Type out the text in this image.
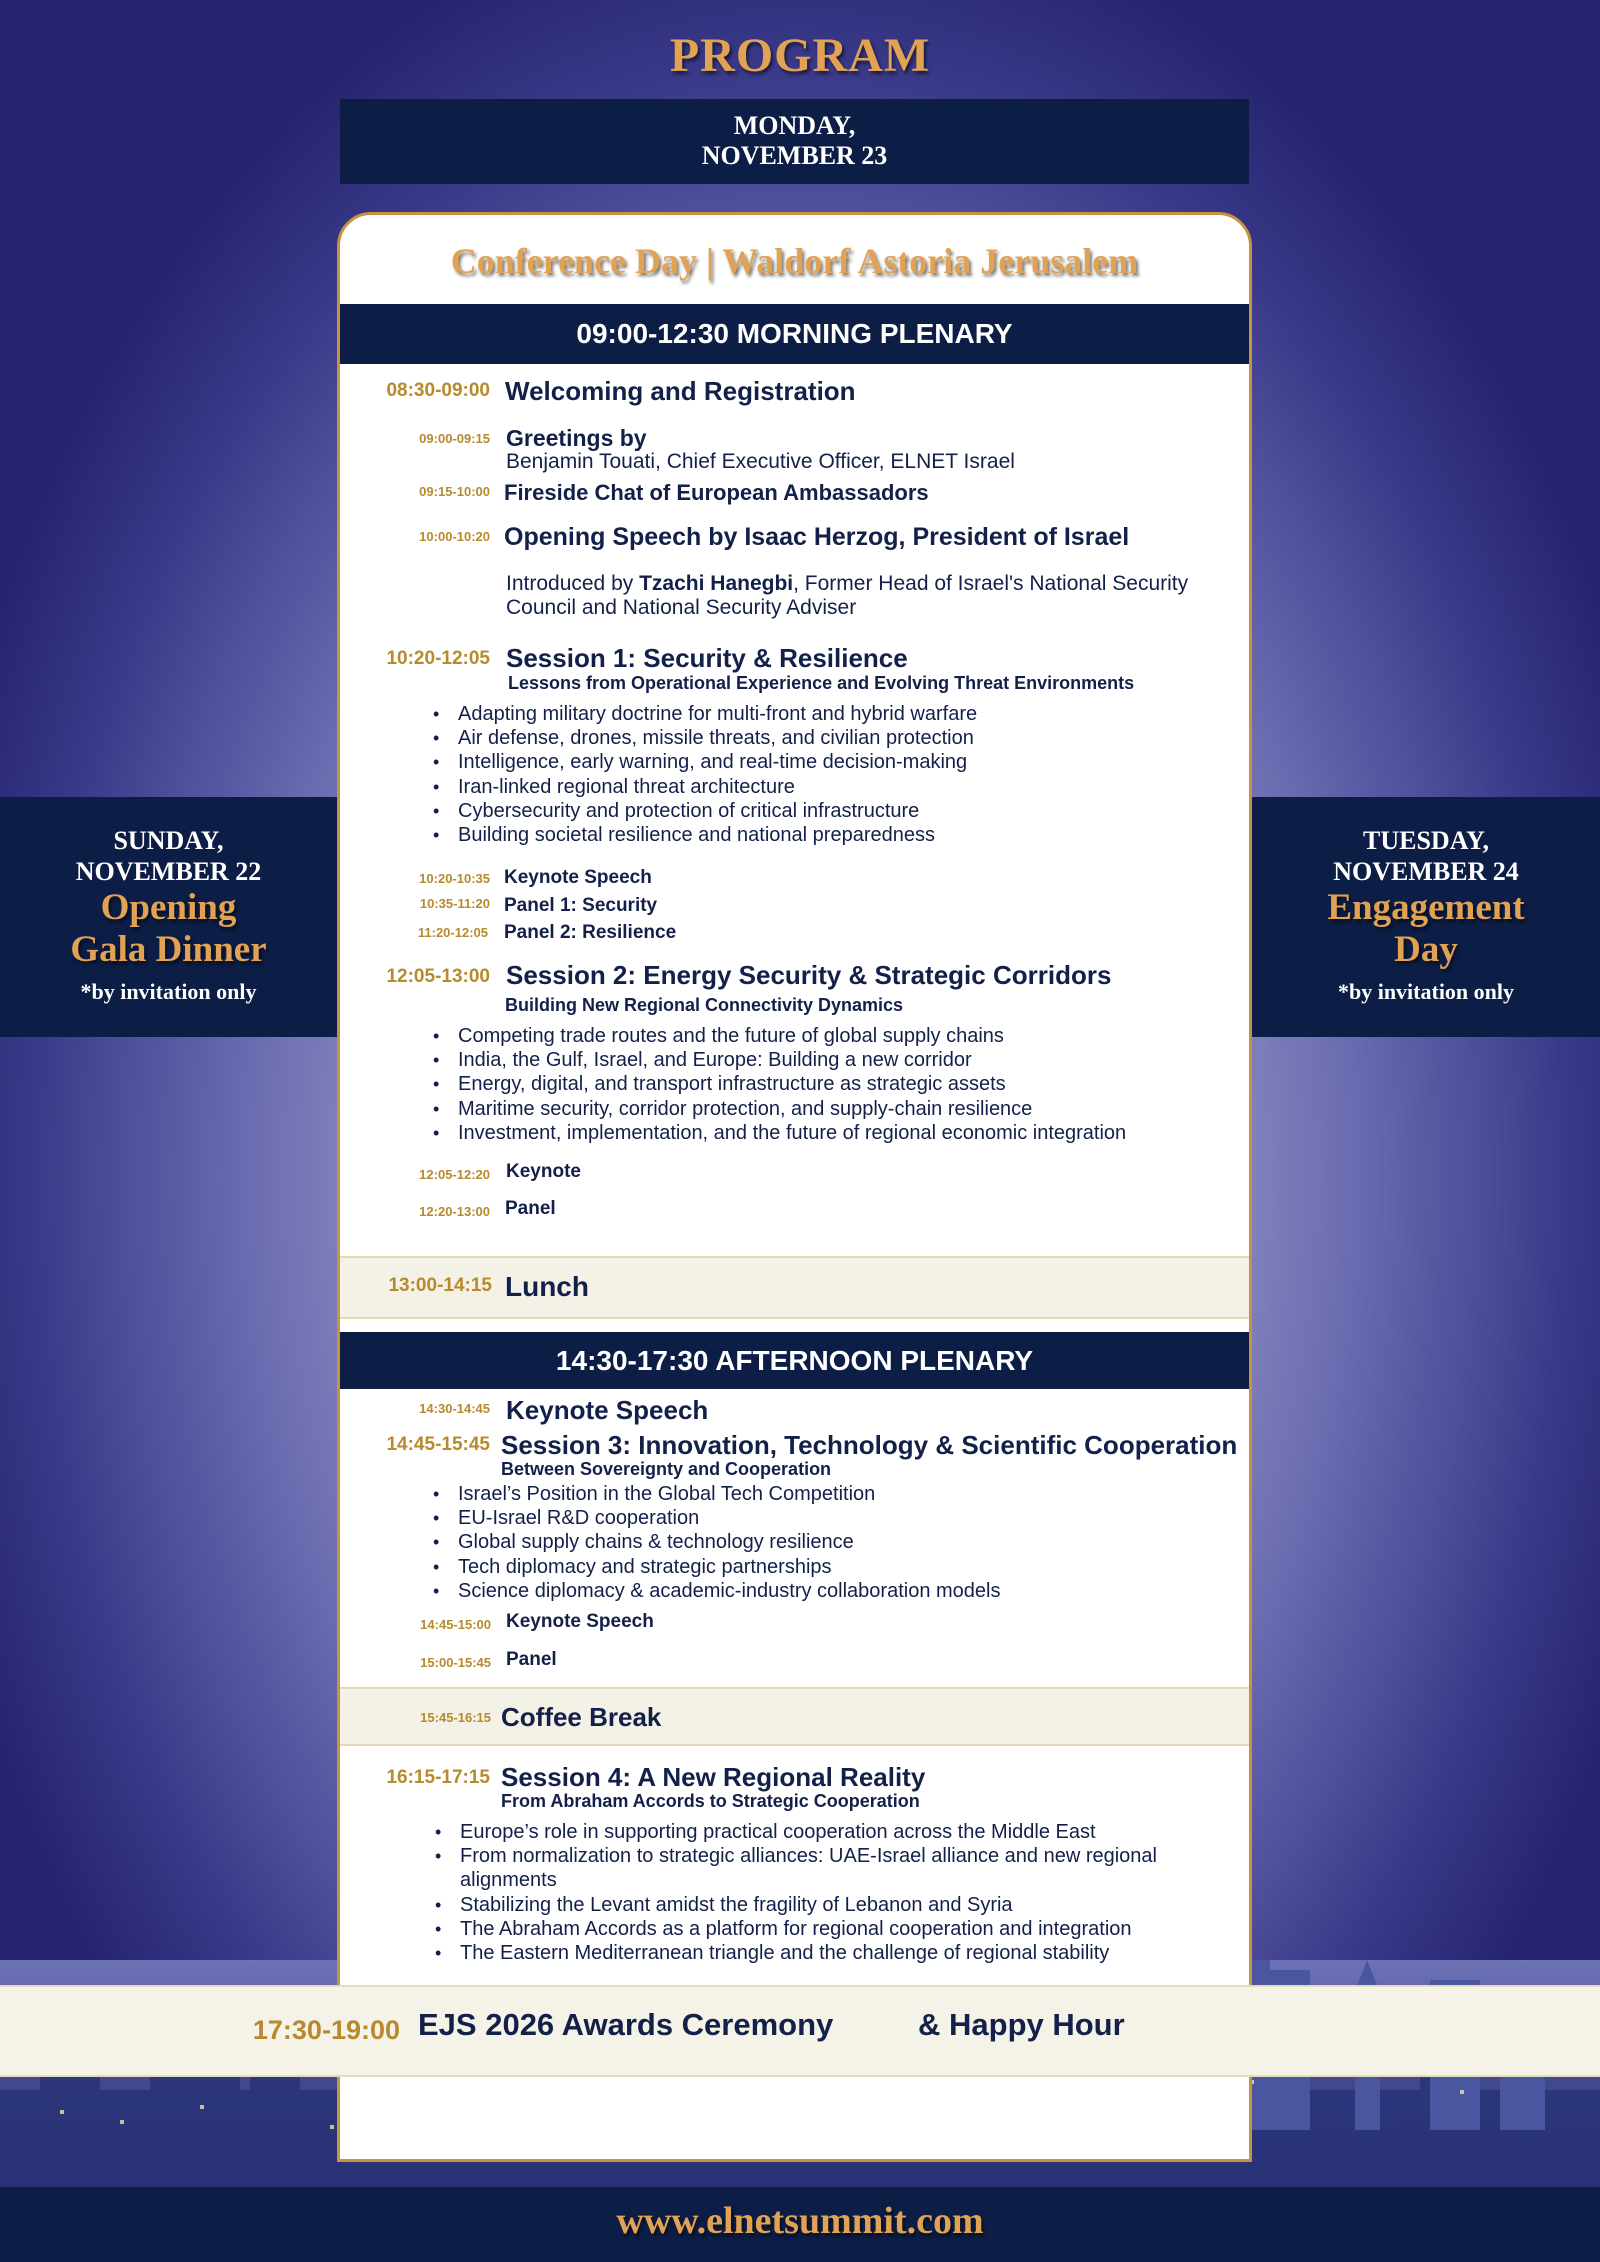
PROGRAM
MONDAY,
NOVEMBER 23
SUNDAY,
NOVEMBER 22
Opening
Gala Dinner
*by invitation only
TUESDAY,
NOVEMBER 24
Engagement
Day
*by invitation only
Conference Day | Waldorf Astoria Jerusalem
09:00-12:30 MORNING PLENARY
08:30-09:00 Welcoming and Registration
09:00-09:15 Greetings by
Benjamin Touati, Chief Executive Officer, ELNET Israel
09:15-10:00 Fireside Chat of European Ambassadors
10:00-10:20 Opening Speech by Isaac Herzog, President of Israel
Introduced by Tzachi Hanegbi, Former Head of Israel's National Security
Council and National Security Adviser
10:20-12:05 Session 1: Security & Resilience
Lessons from Operational Experience and Evolving Threat Environments
• Adapting military doctrine for multi-front and hybrid warfare
• Air defense, drones, missile threats, and civilian protection
• Intelligence, early warning, and real-time decision-making
• Iran-linked regional threat architecture
• Cybersecurity and protection of critical infrastructure
• Building societal resilience and national preparedness
10:20-10:35 Keynote Speech
10:35-11:20 Panel 1: Security
11:20-12:05 Panel 2: Resilience
12:05-13:00 Session 2: Energy Security & Strategic Corridors
Building New Regional Connectivity Dynamics
• Competing trade routes and the future of global supply chains
• India, the Gulf, Israel, and Europe: Building a new corridor
• Energy, digital, and transport infrastructure as strategic assets
• Maritime security, corridor protection, and supply-chain resilience
• Investment, implementation, and the future of regional economic integration
12:05-12:20 Keynote
12:20-13:00 Panel
13:00-14:15 Lunch
14:30-17:30 AFTERNOON PLENARY
14:30-14:45 Keynote Speech
14:45-15:45 Session 3: Innovation, Technology & Scientific Cooperation
Between Sovereignty and Cooperation
• Israel’s Position in the Global Tech Competition
• EU-Israel R&D cooperation
• Global supply chains & technology resilience
• Tech diplomacy and strategic partnerships
• Science diplomacy & academic-industry collaboration models
14:45-15:00 Keynote Speech
15:00-15:45 Panel
15:45-16:15 Coffee Break
16:15-17:15 Session 4: A New Regional Reality
From Abraham Accords to Strategic Cooperation
• Europe’s role in supporting practical cooperation across the Middle East
• From normalization to strategic alliances: UAE-Israel alliance and new regional alignments
• Stabilizing the Levant amidst the fragility of Lebanon and Syria
• The Abraham Accords as a platform for regional cooperation and integration
• The Eastern Mediterranean triangle and the challenge of regional stability
17:30-19:00 EJS 2026 Awards Ceremony	& Happy Hour
www.elnetsummit.com
